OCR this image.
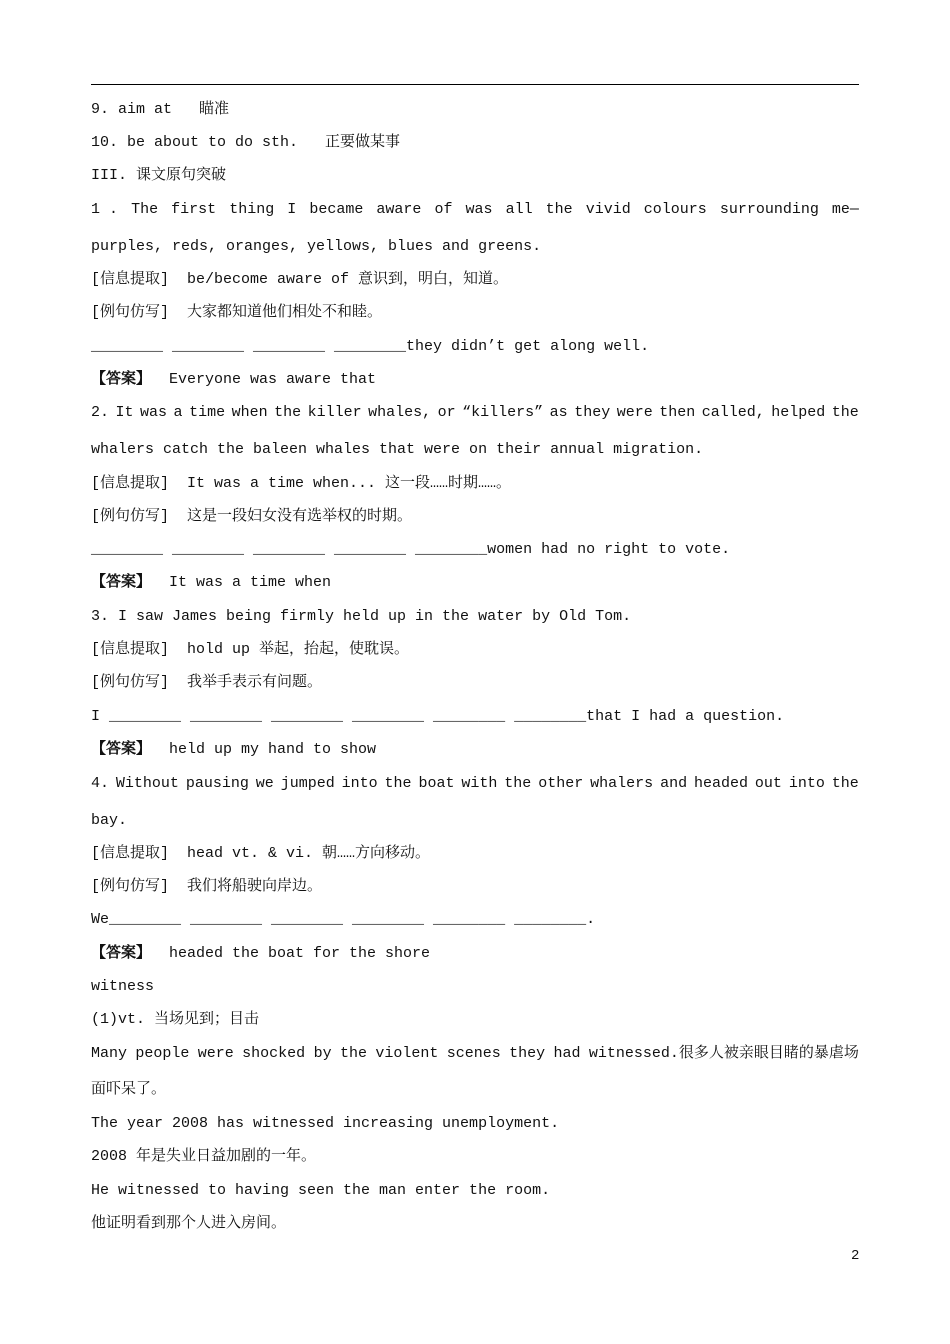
9. aim at   瞄准
10. be about to do sth.   正要做某事
III. 课文原句突破
1 . The first thing I became aware of was all the vivid colours surrounding me—
purples, reds, oranges, yellows, blues and greens.
[信息提取]  be/become aware of 意识到，明白，知道。
[例句仿写]  大家都知道他们相处不和睦。
________ ________ ________ ________they didn’t get along well.
【答案】  Everyone was aware that
2. It was a time when the killer whales, or “killers” as they were then called, helped the
whalers catch the baleen whales that were on their annual migration.
[信息提取]  It was a time when... 这一段……时期……。
[例句仿写]  这是一段妇女没有选举权的时期。
________ ________ ________ ________ ________women had no right to vote.
【答案】  It was a time when
3. I saw James being firmly held up in the water by Old Tom.
[信息提取]  hold up 举起，抬起，使耽误。
[例句仿写]  我举手表示有问题。
I ________ ________ ________ ________ ________ ________that I had a question.
【答案】  held up my hand to show
4. Without pausing we jumped into the boat with the other whalers and headed out into the
bay.
[信息提取]  head vt. & vi. 朝……方向移动。
[例句仿写]  我们将船驶向岸边。
We________ ________ ________ ________ ________ ________.
【答案】  headed the boat for the shore
witness
(1)vt. 当场见到；目击
Many people were shocked by the violent scenes they had witnessed.很多人被亲眼目睹的暴虐场
面吓呆了。
The year 2008 has witnessed increasing unemployment.
2008 年是失业日益加剧的一年。
He witnessed to having seen the man enter the room.
他证明看到那个人进入房间。
2
